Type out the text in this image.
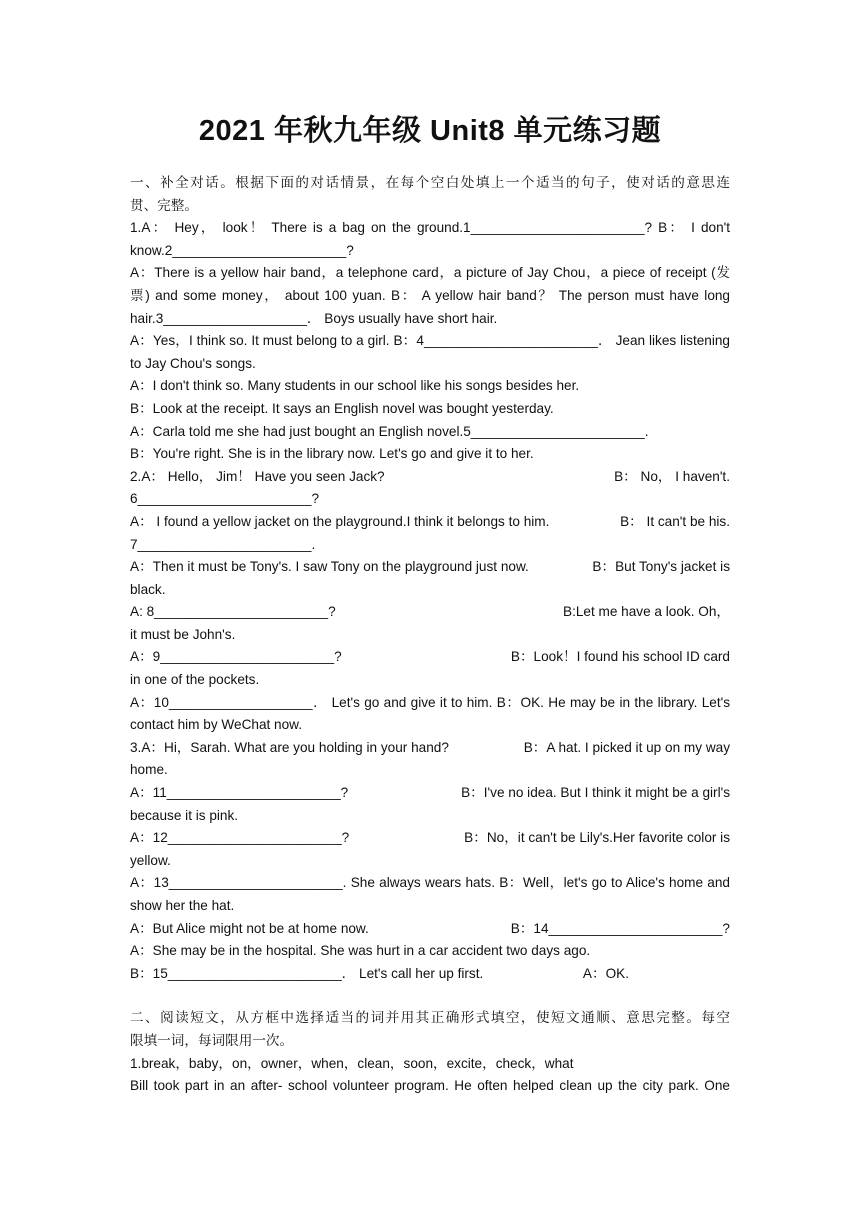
2021 年秋九年级 Unit8 单元练习题
一、补全对话。根据下面的对话情景，在每个空白处填上一个适当的句子，使对话的意思连
贯、完整。
1.A： Hey， look！ There is a bag on the ground.1_______________________? B： I don't
know.2_______________________?
A：There is a yellow hair band，a telephone card，a picture of Jay Chou，a piece of receipt (发
票) and some money， about 100 yuan. B： A yellow hair band？ The person must have long
hair.3___________________． Boys usually have short hair.
A：Yes，I think so. It must belong to a girl. B：4_______________________． Jean likes listening
to Jay Chou's songs.
A：I don't think so. Many students in our school like his songs besides her.
B：Look at the receipt. It says an English novel was bought yesterday.
A：Carla told me she had just bought an English novel.5_______________________.
B：You're right. She is in the library now. Let's go and give it to her.
2.A： Hello， Jim！ Have you seen Jack?	B： No， I haven't.
6_______________________?
A： I found a yellow jacket on the playground.I think it belongs to him.	B： It can't be his.
7_______________________.
A：Then it must be Tony's. I saw Tony on the playground just now.	B：But Tony's jacket is
black.
A: 8_______________________?	B:Let me have a look. Oh，
it must be John's.
A：9_______________________?	B：Look！I found his school ID card
in one of the pockets.
A：10___________________． Let's go and give it to him. B：OK. He may be in the library. Let's
contact him by WeChat now.
3.A：Hi，Sarah. What are you holding in your hand?	B：A hat. I picked it up on my way
home.
A：11_______________________?	B：I've no idea. But I think it might be a girl's
because it is pink.
A：12_______________________?	B：No，it can't be Lily's.Her favorite color is
yellow.
A：13_______________________. She always wears hats. B：Well，let's go to Alice's home and
show her the hat.
A：But Alice might not be at home now.	B：14_______________________?
A：She may be in the hospital. She was hurt in a car accident two days ago.
B：15_______________________． Let's call her up first.	A：OK.
二、阅读短文，从方框中选择适当的词并用其正确形式填空，使短文通顺、意思完整。每空
限填一词，每词限用一次。
1.break，baby，on，owner，when，clean，soon，excite，check，what
Bill took part in an after- school volunteer program. He often helped clean up the city park. One
